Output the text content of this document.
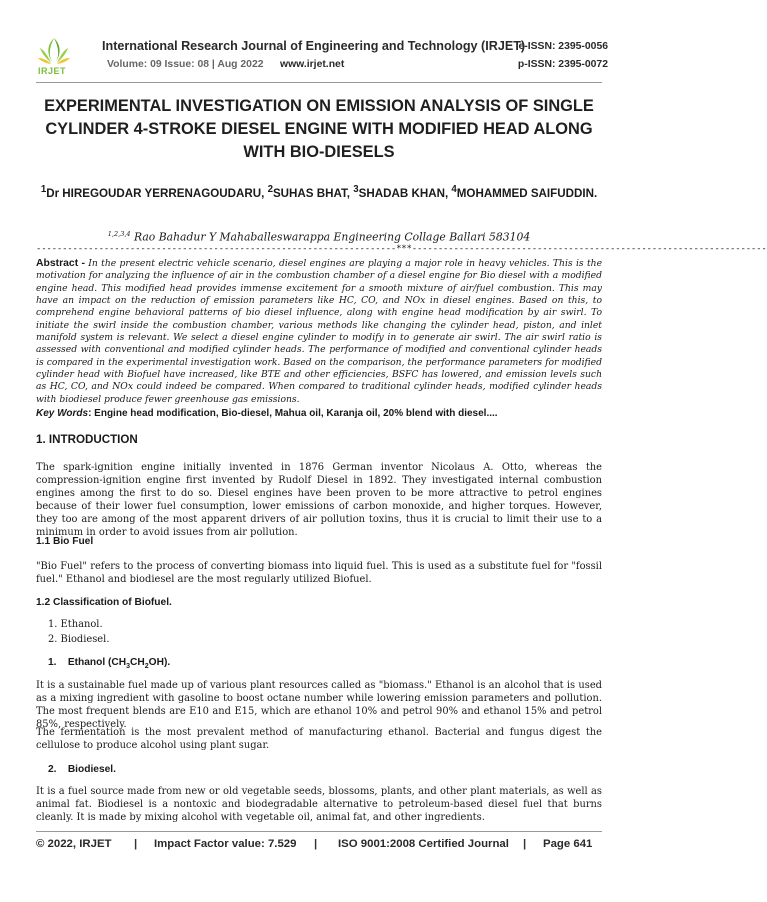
IRJET
International Research Journal of Engineering and Technology (IRJET)
Volume: 09 Issue: 08 | Aug 2022 www.irjet.net
e-ISSN: 2395-0056
p-ISSN: 2395-0072
EXPERIMENTAL INVESTIGATION ON EMISSION ANALYSIS OF SINGLE CYLINDER 4-STROKE DIESEL ENGINE WITH MODIFIED HEAD ALONG WITH BIO-DIESELS
$^1$Dr HIREGOUDAR YERRENAGOUDARU, $^2$SUHAS BHAT, $^3$SHADAB KHAN, $^4$MOHAMMED SAIFUDDIN.
$^{1,2,3,4}$ Rao Bahadur Y Mahaballeswarappa Engineering Collage Ballari 583104
---------------------------------------------------------------------***--------------------------------------------------------------------
Abstract - In the present electric vehicle scenario, diesel engines are playing a major role in heavy vehicles. This is the motivation for analyzing the influence of air in the combustion chamber of a diesel engine for Bio diesel with a modified engine head. This modified head provides immense excitement for a smooth mixture of air/fuel combustion. This may have an impact on the reduction of emission parameters like HC, CO, and NOx in diesel engines. Based on this, to comprehend engine behavioral patterns of bio diesel influence, along with engine head modification by air swirl. To initiate the swirl inside the combustion chamber, various methods like changing the cylinder head, piston, and inlet manifold system is relevant. We select a diesel engine cylinder to modify in to generate air swirl. The air swirl ratio is assessed with conventional and modified cylinder heads. The performance of modified and conventional cylinder heads is compared in the experimental investigation work. Based on the comparison, the performance parameters for modified cylinder head with Biofuel have increased, like BTE and other efficiencies, BSFC has lowered, and emission levels such as HC, CO, and NOx could indeed be compared. When compared to traditional cylinder heads, modified cylinder heads with biodiesel produce fewer greenhouse gas emissions.
Key Words: Engine head modification, Bio-diesel, Mahua oil, Karanja oil, 20% blend with diesel....
1. INTRODUCTION
The spark-ignition engine initially invented in 1876 German inventor Nicolaus A. Otto, whereas the compression-ignition engine first invented by Rudolf Diesel in 1892. They investigated internal combustion engines among the first to do so. Diesel engines have been proven to be more attractive to petrol engines because of their lower fuel consumption, lower emissions of carbon monoxide, and higher torques. However, they too are among of the most apparent drivers of air pollution toxins, thus it is crucial to limit their use to a minimum in order to avoid issues from air pollution.
1.1 Bio Fuel
"Bio Fuel" refers to the process of converting biomass into liquid fuel. This is used as a substitute fuel for "fossil fuel." Ethanol and biodiesel are the most regularly utilized Biofuel.
1.2 Classification of Biofuel.
1. Ethanol.
2. Biodiesel.
1. Ethanol $(CH_3CH_2OH)$.
It is a sustainable fuel made up of various plant resources called as "biomass." Ethanol is an alcohol that is used as a mixing ingredient with gasoline to boost octane number while lowering emission parameters and pollution. The most frequent blends are E10 and E15, which are ethanol 10% and petrol 90% and ethanol 15% and petrol 85%, respectively.
The fermentation is the most prevalent method of manufacturing ethanol. Bacterial and fungus digest the cellulose to produce alcohol using plant sugar.
2. Biodiesel.
It is a fuel source made from new or old vegetable seeds, blossoms, plants, and other plant materials, as well as animal fat. Biodiesel is a nontoxic and biodegradable alternative to petroleum-based diesel fuel that burns cleanly. It is made by mixing alcohol with vegetable oil, animal fat, and other ingredients.
© 2022, IRJET | Impact Factor value: 7.529 | ISO 9001:2008 Certified Journal | Page 641
